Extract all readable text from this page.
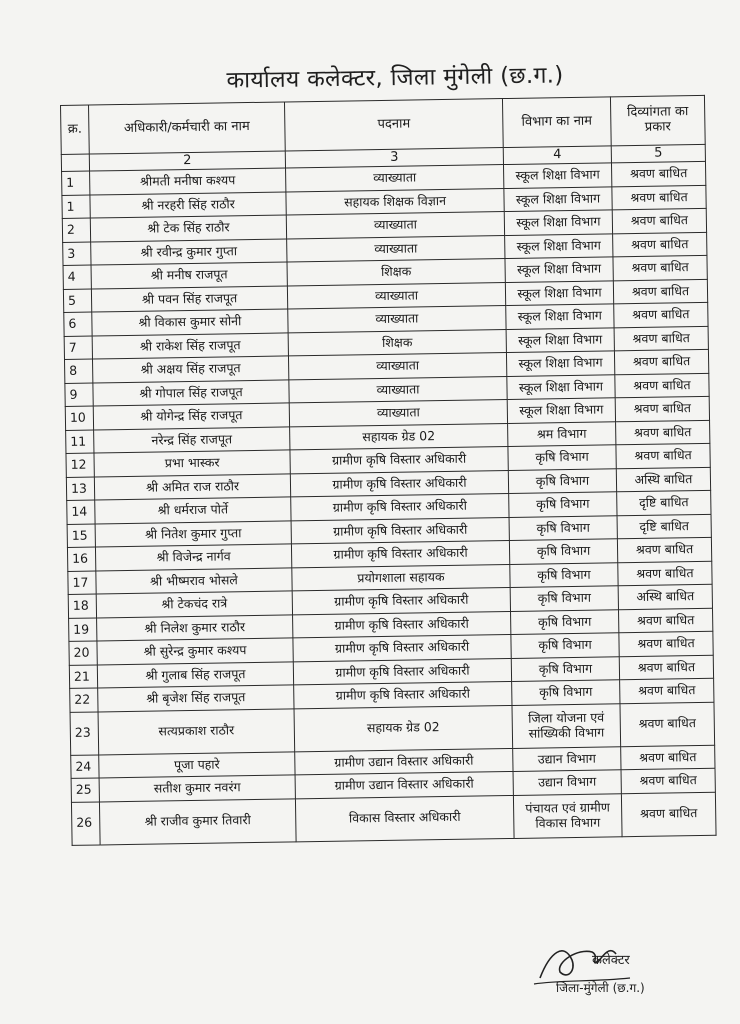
कार्यालय कलेक्टर, जिला मुंगेली (छ.ग.)
क्र.	अधिकारी/कर्मचारी का नाम	पदनाम	विभाग का नाम	दिव्यांगता का प्रकार
	2	3	4	5
1	श्रीमती मनीषा कश्यप	व्याख्याता	स्कूल शिक्षा विभाग	श्रवण बाधित
1	श्री नरहरी सिंह राठौर	सहायक शिक्षक विज्ञान	स्कूल शिक्षा विभाग	श्रवण बाधित
2	श्री टेक सिंह राठौर	व्याख्याता	स्कूल शिक्षा विभाग	श्रवण बाधित
3	श्री रवीन्द्र कुमार गुप्ता	व्याख्याता	स्कूल शिक्षा विभाग	श्रवण बाधित
4	श्री मनीष राजपूत	शिक्षक	स्कूल शिक्षा विभाग	श्रवण बाधित
5	श्री पवन सिंह राजपूत	व्याख्याता	स्कूल शिक्षा विभाग	श्रवण बाधित
6	श्री विकास कुमार सोनी	व्याख्याता	स्कूल शिक्षा विभाग	श्रवण बाधित
7	श्री राकेश सिंह राजपूत	शिक्षक	स्कूल शिक्षा विभाग	श्रवण बाधित
8	श्री अक्षय सिंह राजपूत	व्याख्याता	स्कूल शिक्षा विभाग	श्रवण बाधित
9	श्री गोपाल सिंह राजपूत	व्याख्याता	स्कूल शिक्षा विभाग	श्रवण बाधित
10	श्री योगेन्द्र सिंह राजपूत	व्याख्याता	स्कूल शिक्षा विभाग	श्रवण बाधित
11	नरेन्द्र सिंह राजपूत	सहायक ग्रेड 02	श्रम विभाग	श्रवण बाधित
12	प्रभा भास्कर	ग्रामीण कृषि विस्तार अधिकारी	कृषि विभाग	श्रवण बाधित
13	श्री अमित राज राठौर	ग्रामीण कृषि विस्तार अधिकारी	कृषि विभाग	अस्थि बाधित
14	श्री धर्मराज पोर्ते	ग्रामीण कृषि विस्तार अधिकारी	कृषि विभाग	दृष्टि बाधित
15	श्री नितेश कुमार गुप्ता	ग्रामीण कृषि विस्तार अधिकारी	कृषि विभाग	दृष्टि बाधित
16	श्री विजेन्द्र नार्गव	ग्रामीण कृषि विस्तार अधिकारी	कृषि विभाग	श्रवण बाधित
17	श्री भीष्मराव भोसले	प्रयोगशाला सहायक	कृषि विभाग	श्रवण बाधित
18	श्री टेकचंद रात्रे	ग्रामीण कृषि विस्तार अधिकारी	कृषि विभाग	अस्थि बाधित
19	श्री निलेश कुमार राठौर	ग्रामीण कृषि विस्तार अधिकारी	कृषि विभाग	श्रवण बाधित
20	श्री सुरेन्द्र कुमार कश्यप	ग्रामीण कृषि विस्तार अधिकारी	कृषि विभाग	श्रवण बाधित
21	श्री गुलाब सिंह राजपूत	ग्रामीण कृषि विस्तार अधिकारी	कृषि विभाग	श्रवण बाधित
22	श्री बृजेश सिंह राजपूत	ग्रामीण कृषि विस्तार अधिकारी	कृषि विभाग	श्रवण बाधित
23	सत्यप्रकाश राठौर	सहायक ग्रेड 02	जिला योजना एवं सांख्यिकी विभाग	श्रवण बाधित
24	पूजा पहारे	ग्रामीण उद्यान विस्तार अधिकारी	उद्यान विभाग	श्रवण बाधित
25	सतीश कुमार नवरंग	ग्रामीण उद्यान विस्तार अधिकारी	उद्यान विभाग	श्रवण बाधित
26	श्री राजीव कुमार तिवारी	विकास विस्तार अधिकारी	पंचायत एवं ग्रामीण विकास विभाग	श्रवण बाधित
कलेक्टर
जिला-मुंगेली (छ.ग.)
